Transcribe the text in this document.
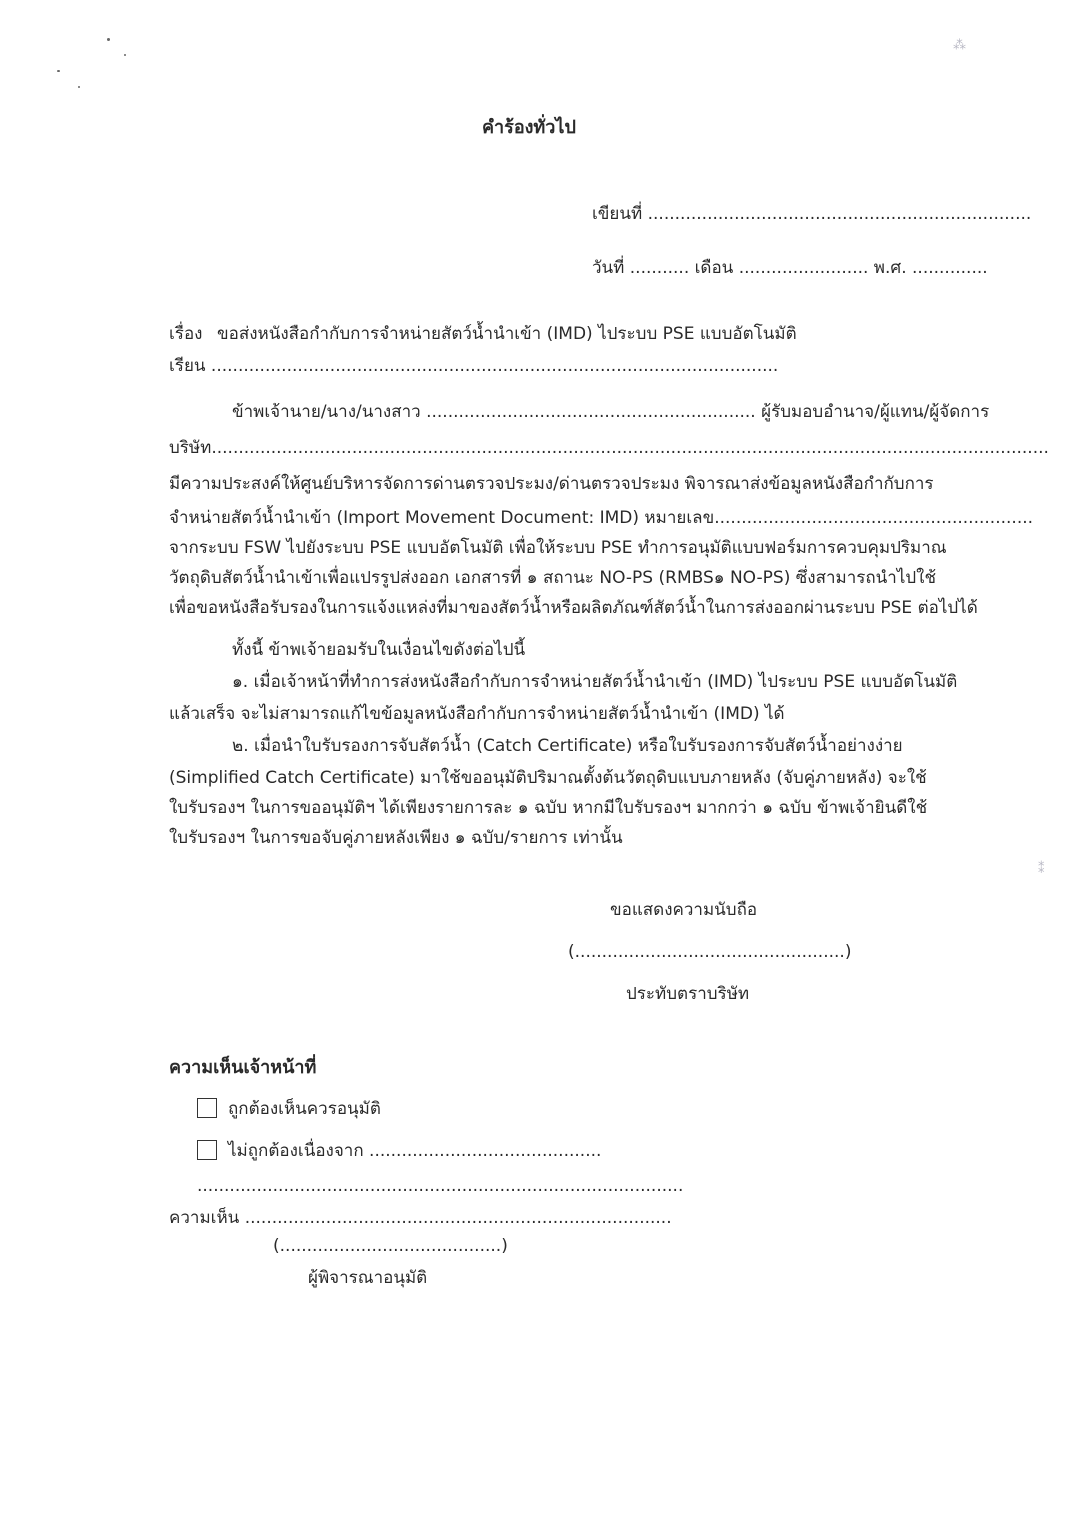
⁂
⁑
คำร้องทั่วไป
เขียนที่ .......................................................................
วันที่ ........... เดือน ........................ พ.ศ. ..............
เรื่อง ขอส่งหนังสือกำกับการจำหน่ายสัตว์น้ำนำเข้า (IMD) ไประบบ PSE แบบอัตโนมัติ
เรียน .........................................................................................................
ข้าพเจ้านาย/นาง/นางสาว ............................................................. ผู้รับมอบอำนาจ/ผู้แทน/ผู้จัดการ
บริษัท...........................................................................................................................................................
มีความประสงค์ให้ศูนย์บริหารจัดการด่านตรวจประมง/ด่านตรวจประมง พิจารณาส่งข้อมูลหนังสือกำกับการ
จำหน่ายสัตว์น้ำนำเข้า (Import Movement Document: IMD) หมายเลข...........................................................
จากระบบ FSW ไปยังระบบ PSE แบบอัตโนมัติ เพื่อให้ระบบ PSE ทำการอนุมัติแบบฟอร์มการควบคุมปริมาณ
วัตถุดิบสัตว์น้ำนำเข้าเพื่อแปรรูปส่งออก เอกสารที่ ๑ สถานะ NO-PS (RMBS๑ NO-PS) ซึ่งสามารถนำไปใช้
เพื่อขอหนังสือรับรองในการแจ้งแหล่งที่มาของสัตว์น้ำหรือผลิตภัณฑ์สัตว์น้ำในการส่งออกผ่านระบบ PSE ต่อไปได้
ทั้งนี้ ข้าพเจ้ายอมรับในเงื่อนไขดังต่อไปนี้
๑. เมื่อเจ้าหน้าที่ทำการส่งหนังสือกำกับการจำหน่ายสัตว์น้ำนำเข้า (IMD) ไประบบ PSE แบบอัตโนมัติ
แล้วเสร็จ จะไม่สามารถแก้ไขข้อมูลหนังสือกำกับการจำหน่ายสัตว์น้ำนำเข้า (IMD) ได้
๒. เมื่อนำใบรับรองการจับสัตว์น้ำ (Catch Certificate) หรือใบรับรองการจับสัตว์น้ำอย่างง่าย
(Simplified Catch Certificate) มาใช้ขออนุมัติปริมาณตั้งต้นวัตถุดิบแบบภายหลัง (จับคู่ภายหลัง) จะใช้
ใบรับรองฯ ในการขออนุมัติฯ ได้เพียงรายการละ ๑ ฉบับ หากมีใบรับรองฯ มากกว่า ๑ ฉบับ ข้าพเจ้ายินดีใช้
ใบรับรองฯ ในการขอจับคู่ภายหลังเพียง ๑ ฉบับ/รายการ เท่านั้น
ขอแสดงความนับถือ
(..................................................)
ประทับตราบริษัท
ความเห็นเจ้าหน้าที่
ถูกต้องเห็นควรอนุมัติ
ไม่ถูกต้องเนื่องจาก ...........................................
..........................................................................................
ความเห็น ...............................................................................
(.........................................)
ผู้พิจารณาอนุมัติ
